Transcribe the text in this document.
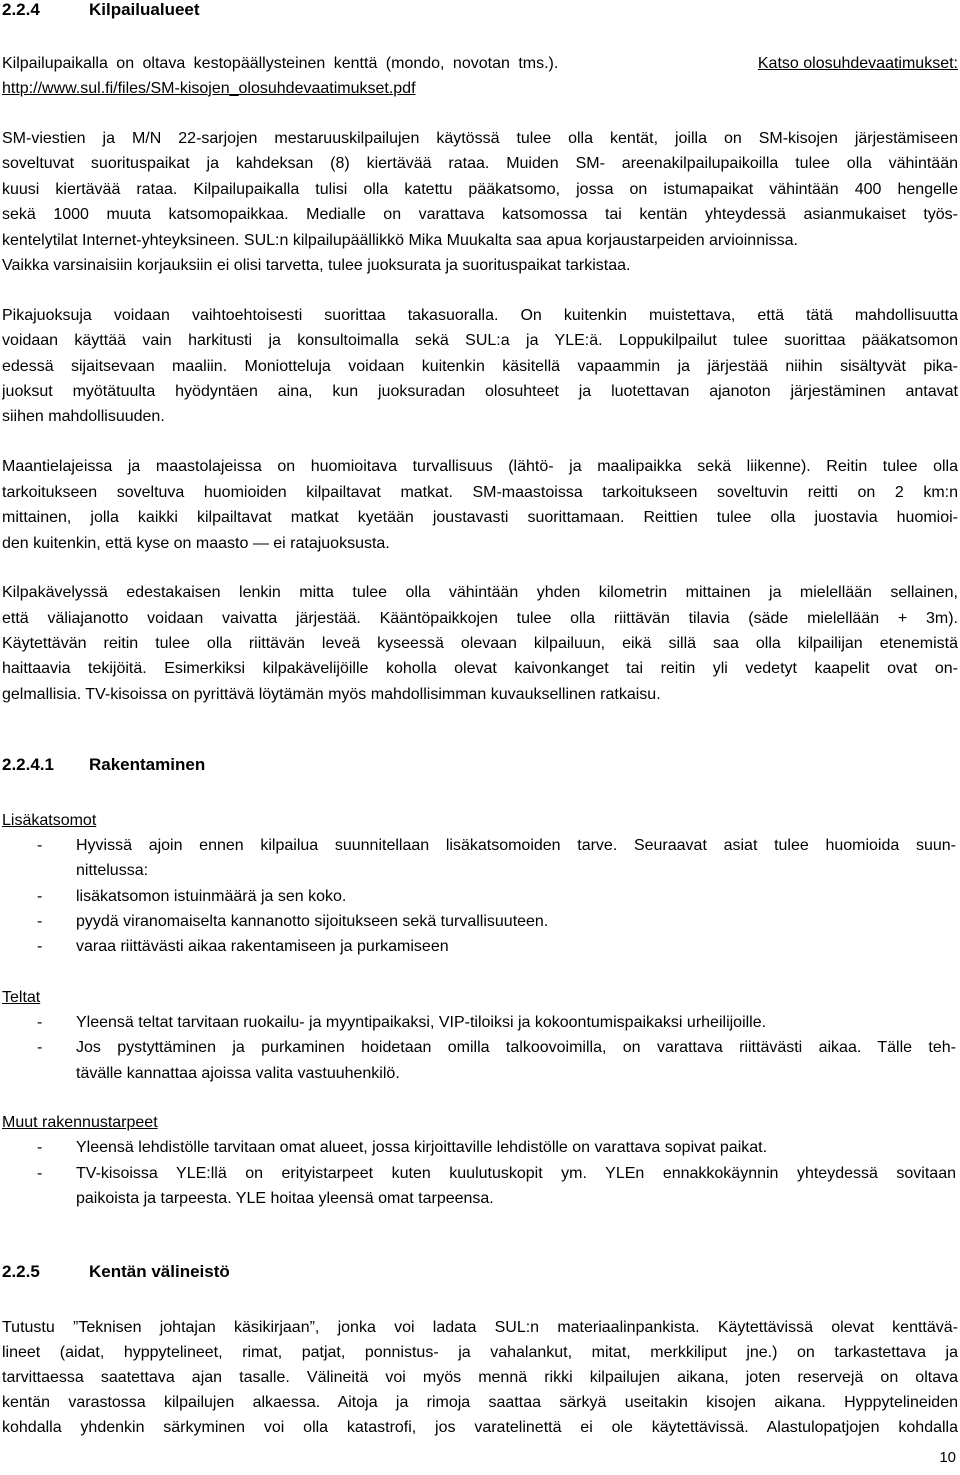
2.2.4	Kilpailualueet
Kilpailupaikalla on oltava kestopäällysteinen kenttä (mondo, novotan tms.).	Katso olosuhdevaatimukset:
http://www.sul.fi/files/SM-kisojen_olosuhdevaatimukset.pdf
SM-viestien ja M/N 22-sarjojen mestaruuskilpailujen käytössä tulee olla kentät, joilla on SM-kisojen järjestämiseen
soveltuvat suorituspaikat ja kahdeksan (8) kiertävää rataa. Muiden SM- areenakilpailupaikoilla tulee olla vähintään
kuusi kiertävää rataa. Kilpailupaikalla tulisi olla katettu pääkatsomo, jossa on istumapaikat vähintään 400 hengelle
sekä 1000 muuta katsomopaikkaa. Medialle on varattava katsomossa tai kentän yhteydessä asianmukaiset työs-
kentelytilat Internet-yhteyksineen. SUL:n kilpailupäällikkö Mika Muukalta saa apua korjaustarpeiden arvioinnissa.
Vaikka varsinaisiin korjauksiin ei olisi tarvetta, tulee juoksurata ja suorituspaikat tarkistaa.
Pikajuoksuja voidaan vaihtoehtoisesti suorittaa takasuoralla. On kuitenkin muistettava, että tätä mahdollisuutta
voidaan käyttää vain harkitusti ja konsultoimalla sekä SUL:a ja YLE:ä. Loppukilpailut tulee suorittaa pääkatsomon
edessä sijaitsevaan maaliin. Moniotteluja voidaan kuitenkin käsitellä vapaammin ja järjestää niihin sisältyvät pika-
juoksut myötätuulta hyödyntäen aina, kun juoksuradan olosuhteet ja luotettavan ajanoton järjestäminen antavat
siihen mahdollisuuden.
Maantielajeissa ja maastolajeissa on huomioitava turvallisuus (lähtö- ja maalipaikka sekä liikenne). Reitin tulee olla
tarkoitukseen soveltuva huomioiden kilpailtavat matkat. SM-maastoissa tarkoitukseen soveltuvin reitti on 2 km:n
mittainen, jolla kaikki kilpailtavat matkat kyetään joustavasti suorittamaan. Reittien tulee olla juostavia huomioi-
den kuitenkin, että kyse on maasto — ei ratajuoksusta.
Kilpakävelyssä edestakaisen lenkin mitta tulee olla vähintään yhden kilometrin mittainen ja mielellään sellainen,
että väliajanotto voidaan vaivatta järjestää. Kääntöpaikkojen tulee olla riittävän tilavia (säde mielellään + 3m).
Käytettävän reitin tulee olla riittävän leveä kyseessä olevaan kilpailuun, eikä sillä saa olla kilpailijan etenemistä
haittaavia tekijöitä. Esimerkiksi kilpakävelijöille koholla olevat kaivonkanget tai reitin yli vedetyt kaapelit ovat on-
gelmallisia. TV-kisoissa on pyrittävä löytämän myös mahdollisimman kuvauksellinen ratkaisu.
2.2.4.1 Rakentaminen
Lisäkatsomot
- Hyvissä ajoin ennen kilpailua suunnitellaan lisäkatsomoiden tarve. Seuraavat asiat tulee huomioida suun-
nittelussa:
- lisäkatsomon istuinmäärä ja sen koko.
- pyydä viranomaiselta kannanotto sijoitukseen sekä turvallisuuteen.
- varaa riittävästi aikaa rakentamiseen ja purkamiseen
Teltat
- Yleensä teltat tarvitaan ruokailu- ja myyntipaikaksi, VIP-tiloiksi ja kokoontumispaikaksi urheilijoille.
- Jos pystyttäminen ja purkaminen hoidetaan omilla talkoovoimilla, on varattava riittävästi aikaa. Tälle teh-
tävälle kannattaa ajoissa valita vastuuhenkilö.
Muut rakennustarpeet
- Yleensä lehdistölle tarvitaan omat alueet, jossa kirjoittaville lehdistölle on varattava sopivat paikat.
- TV-kisoissa YLE:llä on erityistarpeet kuten kuulutuskopit ym. YLEn ennakkokäynnin yhteydessä sovitaan
paikoista ja tarpeesta. YLE hoitaa yleensä omat tarpeensa.
2.2.5	Kentän välineistö
Tutustu ”Teknisen johtajan käsikirjaan”, jonka voi ladata SUL:n materiaalinpankista. Käytettävissä olevat kenttävä-
lineet (aidat, hyppytelineet, rimat, patjat, ponnistus- ja vahalankut, mitat, merkkiliput jne.) on tarkastettava ja
tarvittaessa saatettava ajan tasalle. Välineitä voi myös mennä rikki kilpailujen aikana, joten reservejä on oltava
kentän varastossa kilpailujen alkaessa. Aitoja ja rimoja saattaa särkyä useitakin kisojen aikana. Hyppytelineiden
kohdalla yhdenkin särkyminen voi olla katastrofi, jos varatelinettä ei ole käytettävissä. Alastulopatjojen kohdalla
10
